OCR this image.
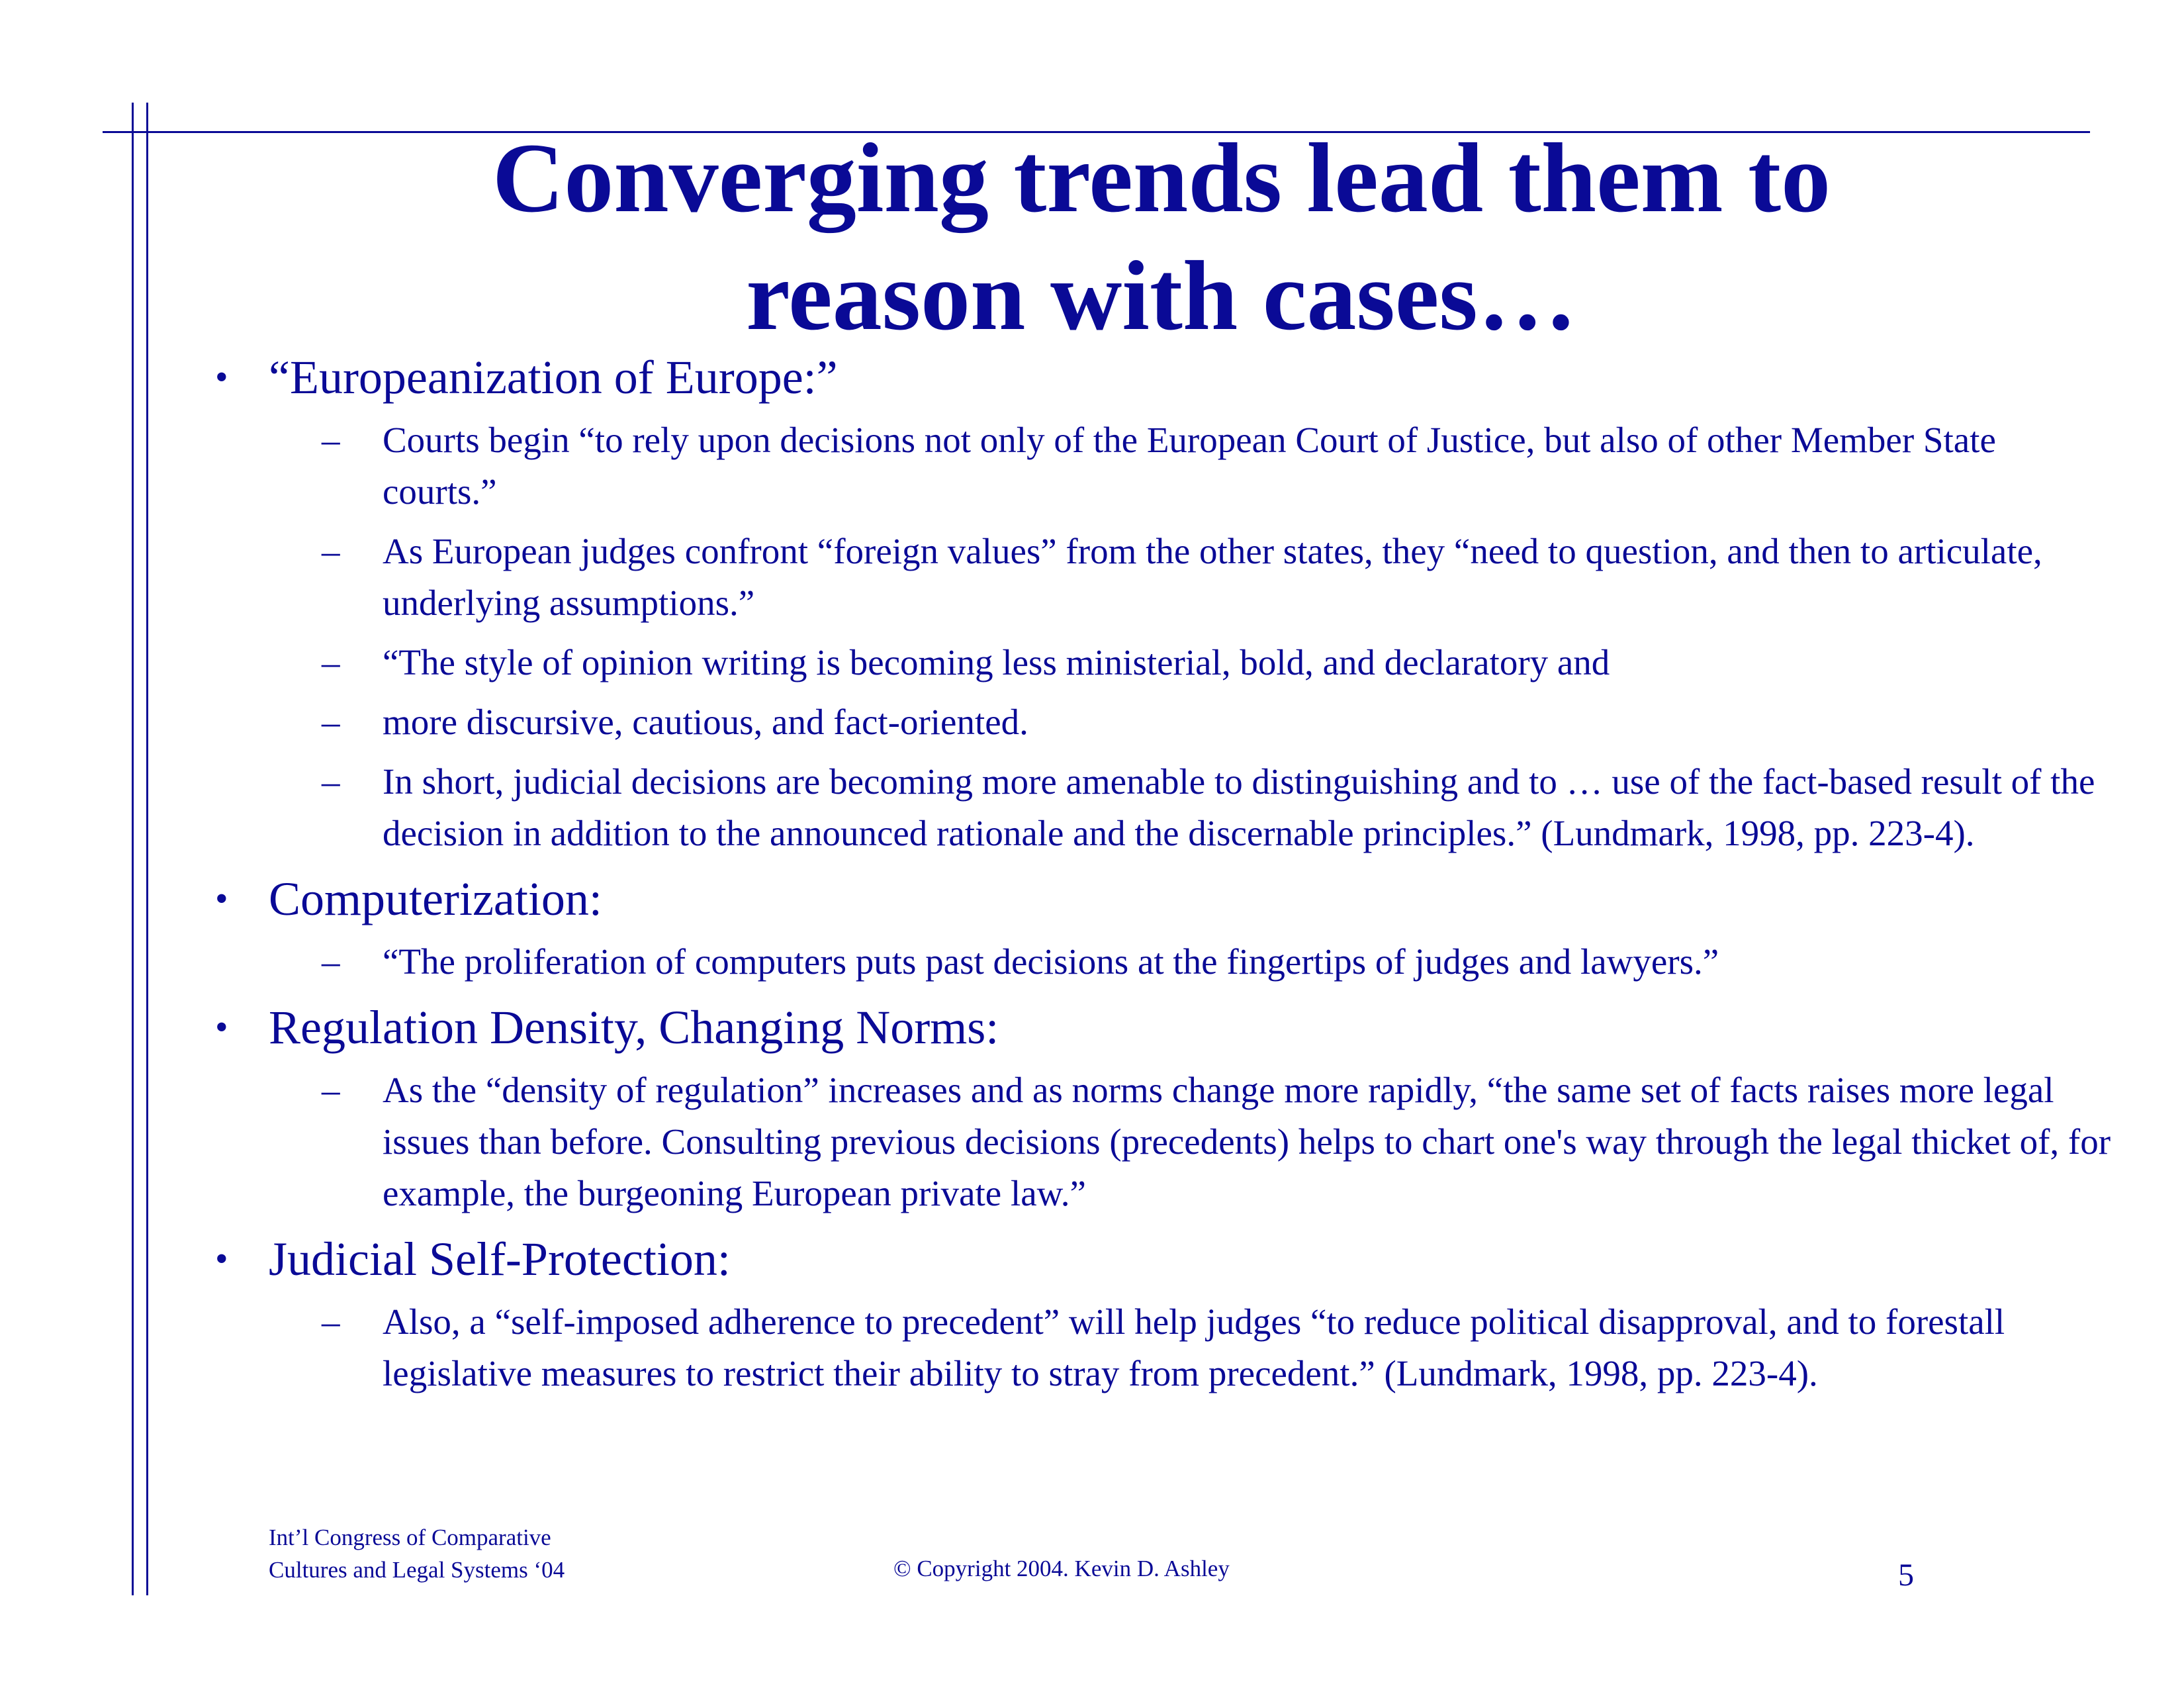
Converging trends lead them to
reason with cases…
• “Europeanization of Europe:”
– Courts begin “to rely upon decisions not only of the European Court of Justice, but also of other Member State courts.”
– As European judges confront “foreign values” from the other states, they “need to question, and then to articulate, underlying assumptions.”
– “The style of opinion writing is becoming less ministerial, bold, and declaratory and
– more discursive, cautious, and fact-oriented.
– In short, judicial decisions are becoming more amenable to distinguishing and to … use of the fact-based result of the decision in addition to the announced rationale and the discernable principles.” (Lundmark, 1998, pp. 223-4).
• Computerization:
– “The proliferation of computers puts past decisions at the fingertips of judges and lawyers.”
• Regulation Density, Changing Norms:
– As the “density of regulation” increases and as norms change more rapidly, “the same set of facts raises more legal issues than before. Consulting previous decisions (precedents) helps to chart one's way through the legal thicket of, for example, the burgeoning European private law.”
• Judicial Self-Protection:
– Also, a “self-imposed adherence to precedent” will help judges “to reduce political disapproval, and to forestall legislative measures to restrict their ability to stray from precedent.” (Lundmark, 1998, pp. 223-4).
Int’l Congress of Comparative
Cultures and Legal Systems ‘04	© Copyright 2004. Kevin D. Ashley	5
